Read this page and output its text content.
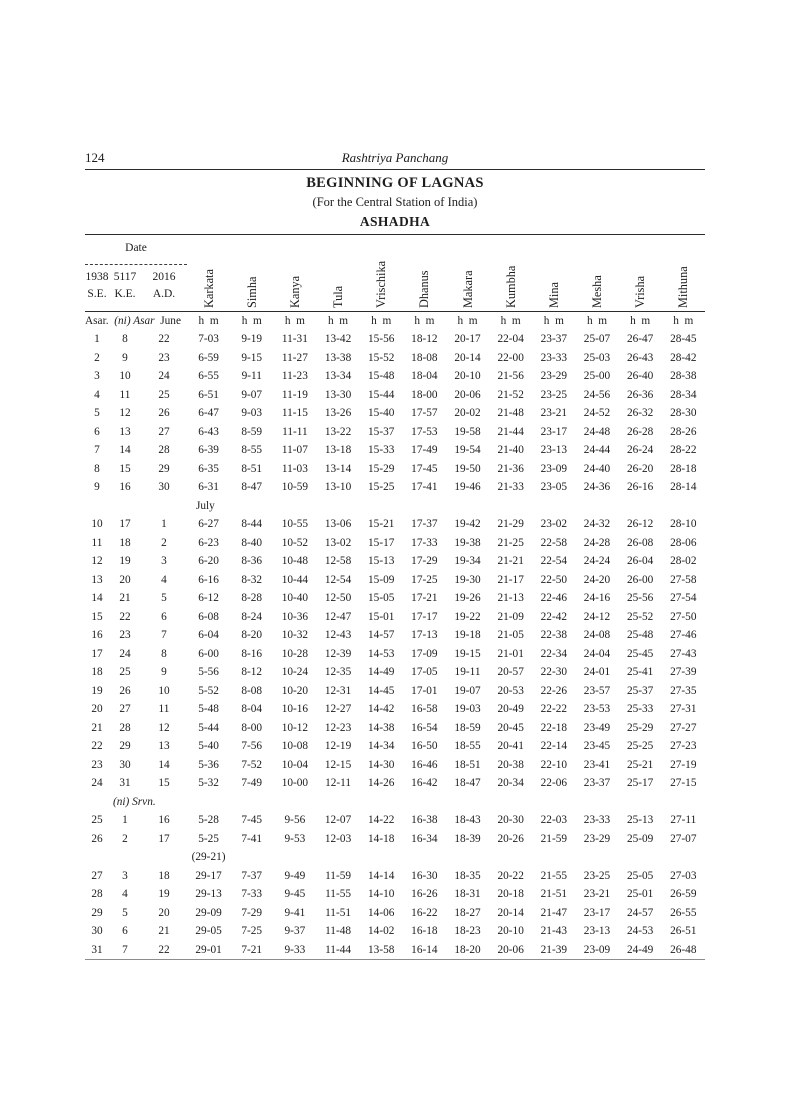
124	Rashtriya Panchang
BEGINNING OF LAGNAS
(For the Central Station of India)
ASHADHA
Date
1938 5117	2016
S.E. K.E.	A.D.	Karkata Simha Kanya Tula Vrischika Dhanus Makara Kumbha Mina Mesha Vrisha Mithuna
Asar. (ni) Asar June	h  m	h  m	h  m	h  m	h  m	h  m	h  m	h  m	h  m	h  m	h  m	h  m
1	8	22	7-03	9-19	11-31	13-42	15-56	18-12	20-17	22-04	23-37	25-07	26-47	28-45
2	9	23	6-59	9-15	11-27	13-38	15-52	18-08	20-14	22-00	23-33	25-03	26-43	28-42
3	10	24	6-55	9-11	11-23	13-34	15-48	18-04	20-10	21-56	23-29	25-00	26-40	28-38
4	11	25	6-51	9-07	11-19	13-30	15-44	18-00	20-06	21-52	23-25	24-56	26-36	28-34
5	12	26	6-47	9-03	11-15	13-26	15-40	17-57	20-02	21-48	23-21	24-52	26-32	28-30
6	13	27	6-43	8-59	11-11	13-22	15-37	17-53	19-58	21-44	23-17	24-48	26-28	28-26
7	14	28	6-39	8-55	11-07	13-18	15-33	17-49	19-54	21-40	23-13	24-44	26-24	28-22
8	15	29	6-35	8-51	11-03	13-14	15-29	17-45	19-50	21-36	23-09	24-40	26-20	28-18
9	16	30	6-31	8-47	10-59	13-10	15-25	17-41	19-46	21-33	23-05	24-36	26-16	28-14
July
10	17	1	6-27	8-44	10-55	13-06	15-21	17-37	19-42	21-29	23-02	24-32	26-12	28-10
11	18	2	6-23	8-40	10-52	13-02	15-17	17-33	19-38	21-25	22-58	24-28	26-08	28-06
12	19	3	6-20	8-36	10-48	12-58	15-13	17-29	19-34	21-21	22-54	24-24	26-04	28-02
13	20	4	6-16	8-32	10-44	12-54	15-09	17-25	19-30	21-17	22-50	24-20	26-00	27-58
14	21	5	6-12	8-28	10-40	12-50	15-05	17-21	19-26	21-13	22-46	24-16	25-56	27-54
15	22	6	6-08	8-24	10-36	12-47	15-01	17-17	19-22	21-09	22-42	24-12	25-52	27-50
16	23	7	6-04	8-20	10-32	12-43	14-57	17-13	19-18	21-05	22-38	24-08	25-48	27-46
17	24	8	6-00	8-16	10-28	12-39	14-53	17-09	19-15	21-01	22-34	24-04	25-45	27-43
18	25	9	5-56	8-12	10-24	12-35	14-49	17-05	19-11	20-57	22-30	24-01	25-41	27-39
19	26	10	5-52	8-08	10-20	12-31	14-45	17-01	19-07	20-53	22-26	23-57	25-37	27-35
20	27	11	5-48	8-04	10-16	12-27	14-42	16-58	19-03	20-49	22-22	23-53	25-33	27-31
21	28	12	5-44	8-00	10-12	12-23	14-38	16-54	18-59	20-45	22-18	23-49	25-29	27-27
22	29	13	5-40	7-56	10-08	12-19	14-34	16-50	18-55	20-41	22-14	23-45	25-25	27-23
23	30	14	5-36	7-52	10-04	12-15	14-30	16-46	18-51	20-38	22-10	23-41	25-21	27-19
24	31	15	5-32	7-49	10-00	12-11	14-26	16-42	18-47	20-34	22-06	23-37	25-17	27-15
(ni) Srvn.
25	1	16	5-28	7-45	9-56	12-07	14-22	16-38	18-43	20-30	22-03	23-33	25-13	27-11
26	2	17	5-25	7-41	9-53	12-03	14-18	16-34	18-39	20-26	21-59	23-29	25-09	27-07
(29-21)
27	3	18	29-17	7-37	9-49	11-59	14-14	16-30	18-35	20-22	21-55	23-25	25-05	27-03
28	4	19	29-13	7-33	9-45	11-55	14-10	16-26	18-31	20-18	21-51	23-21	25-01	26-59
29	5	20	29-09	7-29	9-41	11-51	14-06	16-22	18-27	20-14	21-47	23-17	24-57	26-55
30	6	21	29-05	7-25	9-37	11-48	14-02	16-18	18-23	20-10	21-43	23-13	24-53	26-51
31	7	22	29-01	7-21	9-33	11-44	13-58	16-14	18-20	20-06	21-39	23-09	24-49	26-48
